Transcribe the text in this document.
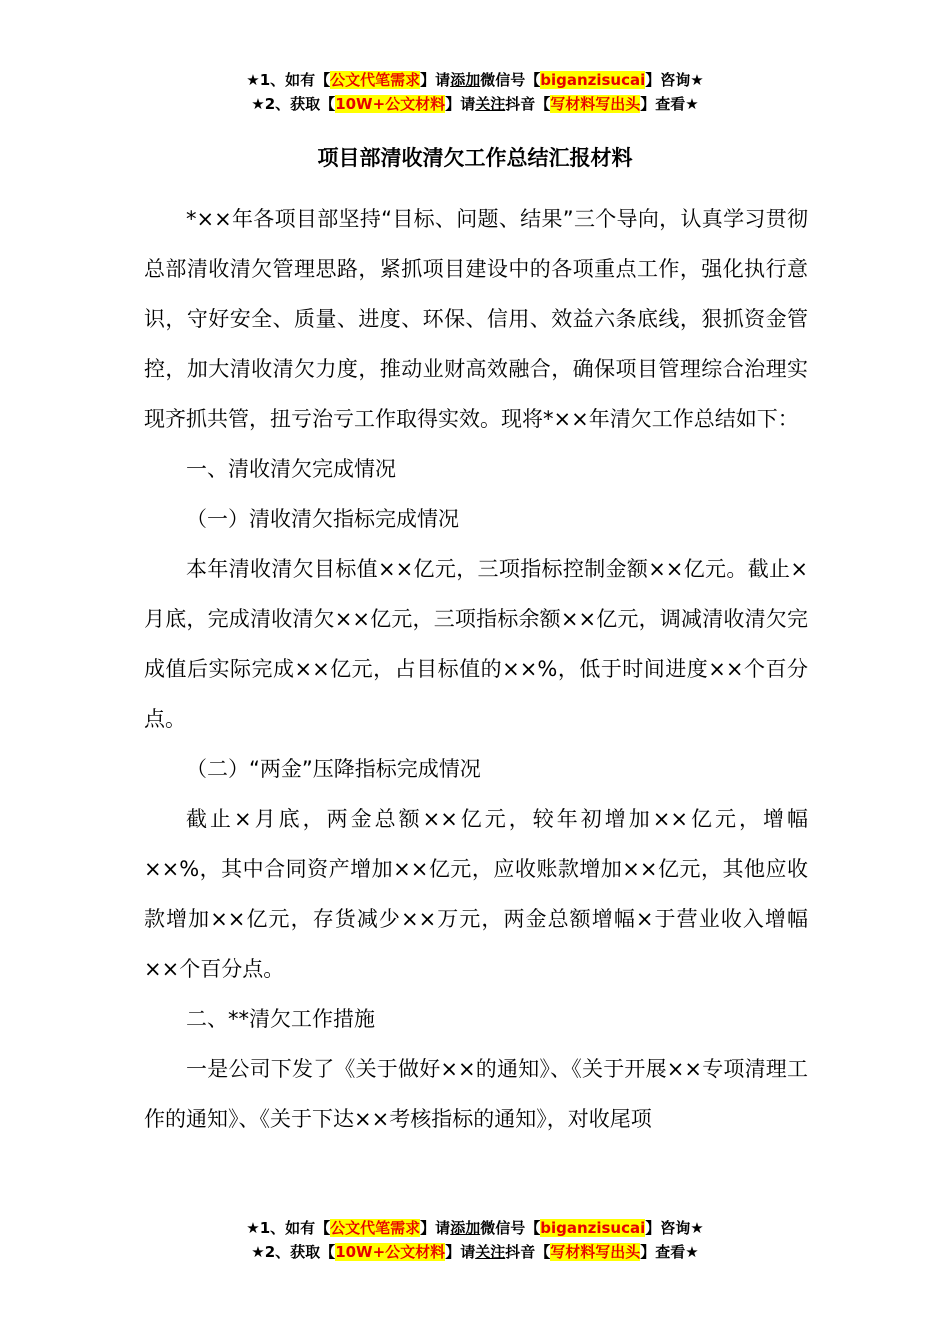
★1、如有【公文代笔需求】请添加微信号【biganzisucai】咨询★
★2、获取【10W+公文材料】请关注抖音【写材料写出头】查看★
项目部清收清欠工作总结汇报材料

*××年各项目部坚持“目标、问题、结果”三个导向，认真学习贯彻总部清收清欠管理思路，紧抓项目建设中的各项重点工作，强化执行意识，守好安全、质量、进度、环保、信用、效益六条底线，狠抓资金管控，加大清收清欠力度，推动业财高效融合，确保项目管理综合治理实现齐抓共管，扭亏治亏工作取得实效。现将*××年清欠工作总结如下：

一、清收清欠完成情况

（一）清收清欠指标完成情况

本年清收清欠目标值××亿元，三项指标控制金额××亿元。截止×月底，完成清收清欠××亿元，三项指标余额××亿元，调减清收清欠完成值后实际完成××亿元，占目标值的××%，低于时间进度××个百分点。

（二）“两金”压降指标完成情况

截止×月底，两金总额××亿元，较年初增加××亿元，增幅××%，其中合同资产增加××亿元，应收账款增加××亿元，其他应收款增加××亿元，存货减少××万元，两金总额增幅×于营业收入增幅××个百分点。

二、**清欠工作措施

一是公司下发了《关于做好××的通知》、《关于开展××专项清理工作的通知》、《关于下达××考核指标的通知》，对收尾项

★1、如有【公文代笔需求】请添加微信号【biganzisucai】咨询★
★2、获取【10W+公文材料】请关注抖音【写材料写出头】查看★
